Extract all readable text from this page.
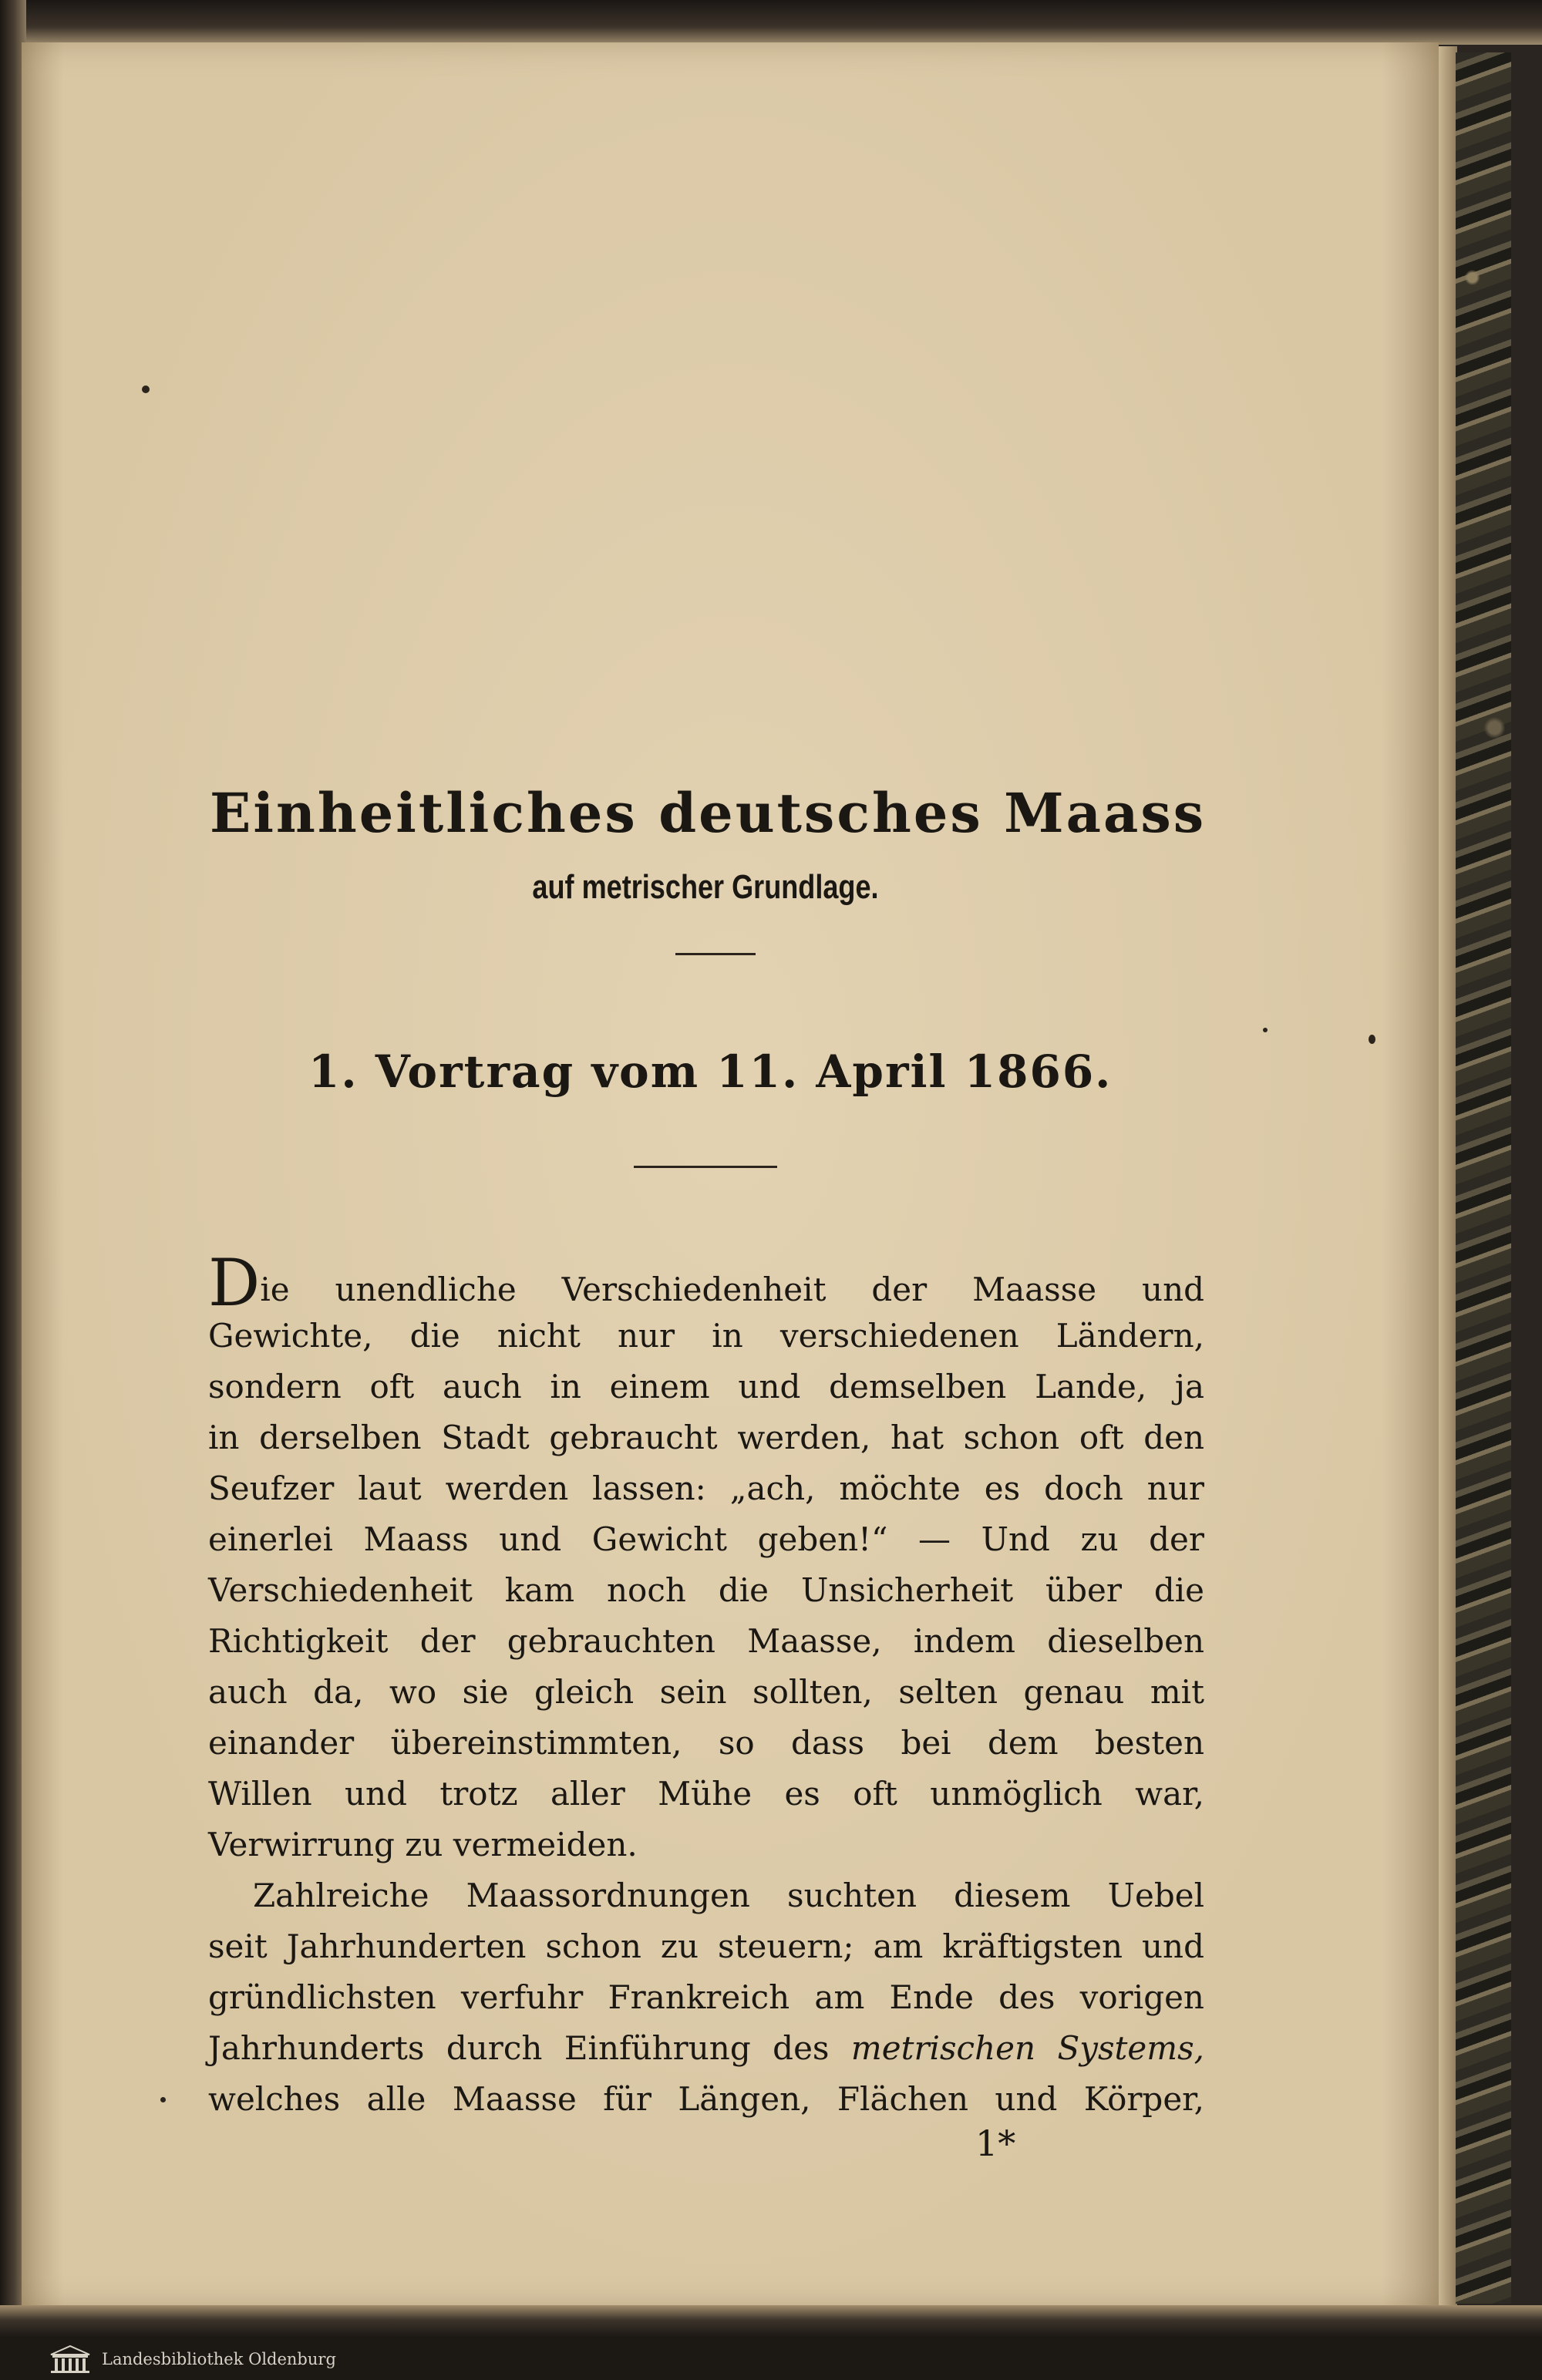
Einheitliches deutsches Maass
auf metrischer Grundlage.
1. Vortrag vom 11. April 1866.
Die unendliche Verschiedenheit der Maasse und
Gewichte, die nicht nur in verschiedenen Ländern,
sondern oft auch in einem und demselben Lande, ja
in derselben Stadt gebraucht werden, hat schon oft den
Seufzer laut werden lassen: „ach, möchte es doch nur
einerlei Maass und Gewicht geben!“ — Und zu der
Verschiedenheit kam noch die Unsicherheit über die
Richtigkeit der gebrauchten Maasse, indem dieselben
auch da, wo sie gleich sein sollten, selten genau mit
einander übereinstimmten, so dass bei dem besten
Willen und trotz aller Mühe es oft unmöglich war,
Verwirrung zu vermeiden.
Zahlreiche Maassordnungen suchten diesem Uebel
seit Jahrhunderten schon zu steuern; am kräftigsten und
gründlichsten verfuhr Frankreich am Ende des vorigen
Jahrhunderts durch Einführung des metrischen Systems,
welches alle Maasse für Längen, Flächen und Körper,
1*
Landesbibliothek Oldenburg
